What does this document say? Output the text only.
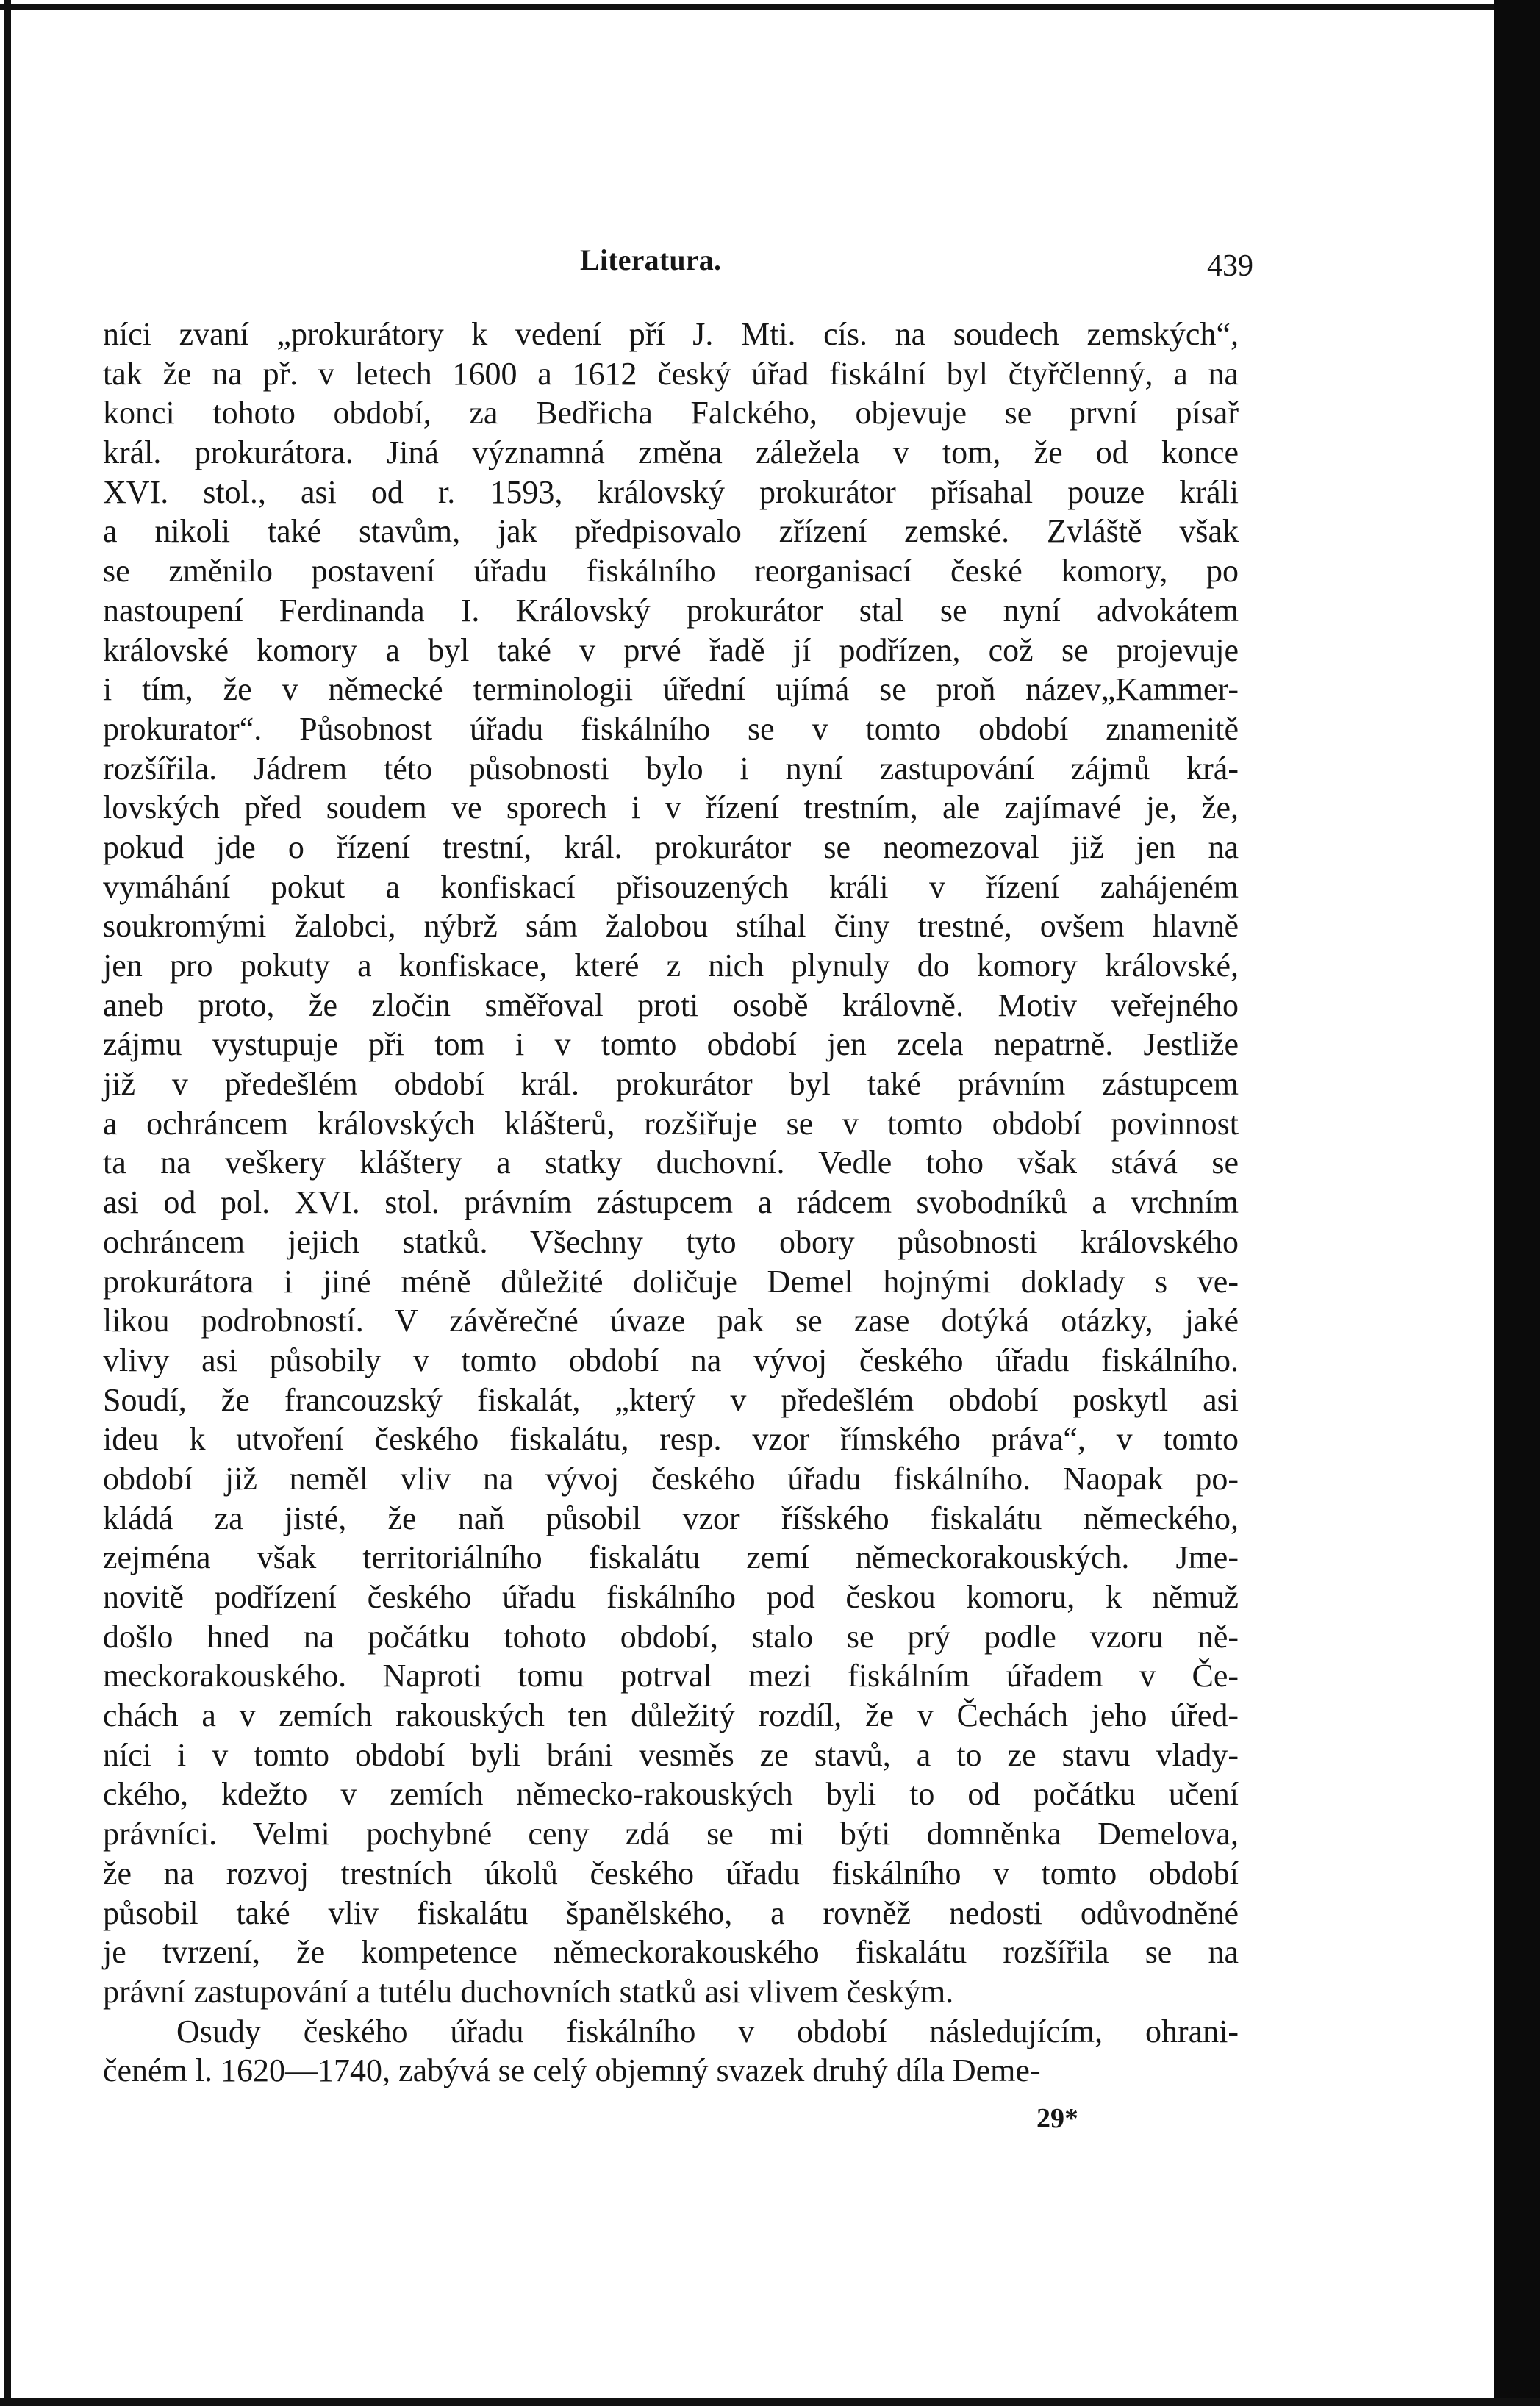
Literatura.	439
níci zvaní „prokurátory k vedení pří J. Mti. cís. na soudech zemských“,
tak že na př. v letech 1600 a 1612 český úřad fiskální byl čtyřčlenný, a na
konci tohoto období, za Bedřicha Falckého, objevuje se první písař
král. prokurátora. Jiná významná změna záležela v tom, že od konce
XVI. stol., asi od r. 1593, královský prokurátor přísahal pouze králi
a nikoli také stavům, jak předpisovalo zřízení zemské. Zvláště však
se změnilo postavení úřadu fiskálního reorganisací české komory, po
nastoupení Ferdinanda I. Královský prokurátor stal se nyní advokátem
královské komory a byl také v prvé řadě jí podřízen, což se projevuje
i tím, že v německé terminologii úřední ujímá se proň název„Kammer-
prokurator“. Působnost úřadu fiskálního se v tomto období znamenitě
rozšířila. Jádrem této působnosti bylo i nyní zastupování zájmů krá-
lovských před soudem ve sporech i v řízení trestním, ale zajímavé je, že,
pokud jde o řízení trestní, král. prokurátor se neomezoval již jen na
vymáhání pokut a konfiskací přisouzených králi v řízení zahájeném
soukromými žalobci, nýbrž sám žalobou stíhal činy trestné, ovšem hlavně
jen pro pokuty a konfiskace, které z nich plynuly do komory královské,
aneb proto, že zločin směřoval proti osobě královně. Motiv veřejného
zájmu vystupuje při tom i v tomto období jen zcela nepatrně. Jestliže
již v předešlém období král. prokurátor byl také právním zástupcem
a ochráncem královských klášterů, rozšiřuje se v tomto období povinnost
ta na veškery kláštery a statky duchovní. Vedle toho však stává se
asi od pol. XVI. stol. právním zástupcem a rádcem svobodníků a vrchním
ochráncem jejich statků. Všechny tyto obory působnosti královského
prokurátora i jiné méně důležité doličuje Demel hojnými doklady s ve-
likou podrobností. V závěrečné úvaze pak se zase dotýká otázky, jaké
vlivy asi působily v tomto období na vývoj českého úřadu fiskálního.
Soudí, že francouzský fiskalát, „který v předešlém období poskytl asi
ideu k utvoření českého fiskalátu, resp. vzor římského práva“, v tomto
období již neměl vliv na vývoj českého úřadu fiskálního. Naopak po-
kládá za jisté, že naň působil vzor říšského fiskalátu německého,
zejména však territoriálního fiskalátu zemí německorakouských. Jme-
novitě podřízení českého úřadu fiskálního pod českou komoru, k němuž
došlo hned na počátku tohoto období, stalo se prý podle vzoru ně-
meckorakouského. Naproti tomu potrval mezi fiskálním úřadem v Če-
chách a v zemích rakouských ten důležitý rozdíl, že v Čechách jeho úřed-
níci i v tomto období byli bráni vesměs ze stavů, a to ze stavu vlady-
ckého, kdežto v zemích německo-rakouských byli to od počátku učení
právníci. Velmi pochybné ceny zdá se mi býti domněnka Demelova,
že na rozvoj trestních úkolů českého úřadu fiskálního v tomto období
působil také vliv fiskalátu španělského, a rovněž nedosti odůvodněné
je tvrzení, že kompetence německorakouského fiskalátu rozšířila se na
právní zastupování a tutélu duchovních statků asi vlivem českým.
Osudy českého úřadu fiskálního v období následujícím, ohrani-
čeném l. 1620—1740, zabývá se celý objemný svazek druhý díla Deme-
29*
